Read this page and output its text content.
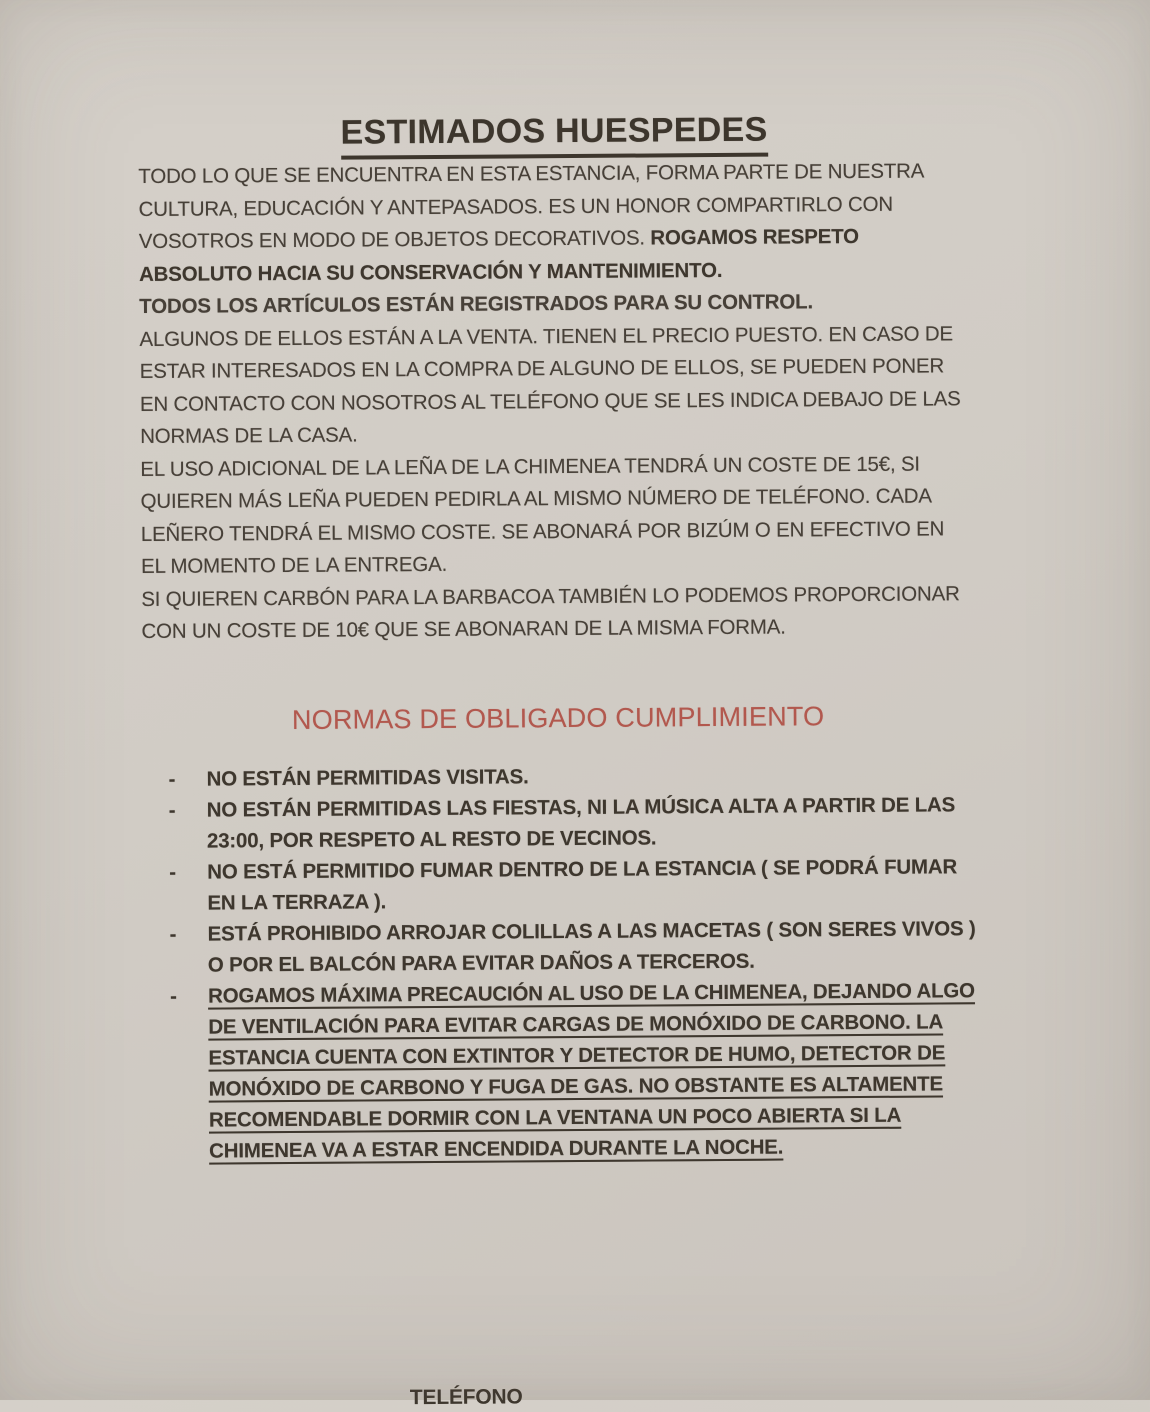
ESTIMADOS HUESPEDES

TODO LO QUE SE ENCUENTRA EN ESTA ESTANCIA, FORMA PARTE DE NUESTRA CULTURA, EDUCACIÓN Y ANTEPASADOS. ES UN HONOR COMPARTIRLO CON VOSOTROS EN MODO DE OBJETOS DECORATIVOS. ROGAMOS RESPETO ABSOLUTO HACIA SU CONSERVACIÓN Y MANTENIMIENTO.

TODOS LOS ARTÍCULOS ESTÁN REGISTRADOS PARA SU CONTROL.

ALGUNOS DE ELLOS ESTÁN A LA VENTA. TIENEN EL PRECIO PUESTO. EN CASO DE ESTAR INTERESADOS EN LA COMPRA DE ALGUNO DE ELLOS, SE PUEDEN PONER EN CONTACTO CON NOSOTROS AL TELÉFONO QUE SE LES INDICA DEBAJO DE LAS NORMAS DE LA CASA.

EL USO ADICIONAL DE LA LEÑA DE LA CHIMENEA TENDRÁ UN COSTE DE 15€, SI QUIEREN MÁS LEÑA PUEDEN PEDIRLA AL MISMO NÚMERO DE TELÉFONO. CADA LEÑERO TENDRÁ EL MISMO COSTE. SE ABONARÁ POR BIZÚM O EN EFECTIVO EN EL MOMENTO DE LA ENTREGA.

SI QUIEREN CARBÓN PARA LA BARBACOA TAMBIÉN LO PODEMOS PROPORCIONAR CON UN COSTE DE 10€ QUE SE ABONARAN DE LA MISMA FORMA.

NORMAS DE OBLIGADO CUMPLIMIENTO
-	NO ESTÁN PERMITIDAS VISITAS.
-	NO ESTÁN PERMITIDAS LAS FIESTAS, NI LA MÚSICA ALTA A PARTIR DE LAS 23:00, POR RESPETO AL RESTO DE VECINOS.
-	NO ESTÁ PERMITIDO FUMAR DENTRO DE LA ESTANCIA ( SE PODRÁ FUMAR EN LA TERRAZA ).
-	ESTÁ PROHIBIDO ARROJAR COLILLAS A LAS MACETAS ( SON SERES VIVOS ) O POR EL BALCÓN PARA EVITAR DAÑOS A TERCEROS.
-	ROGAMOS MÁXIMA PRECAUCIÓN AL USO DE LA CHIMENEA, DEJANDO ALGO DE VENTILACIÓN PARA EVITAR CARGAS DE MONÓXIDO DE CARBONO. LA ESTANCIA CUENTA CON EXTINTOR Y DETECTOR DE HUMO, DETECTOR DE MONÓXIDO DE CARBONO Y FUGA DE GAS. NO OBSTANTE ES ALTAMENTE RECOMENDABLE DORMIR CON LA VENTANA UN POCO ABIERTA SI LA CHIMENEA VA A ESTAR ENCENDIDA DURANTE LA NOCHE.
TELÉFONO
